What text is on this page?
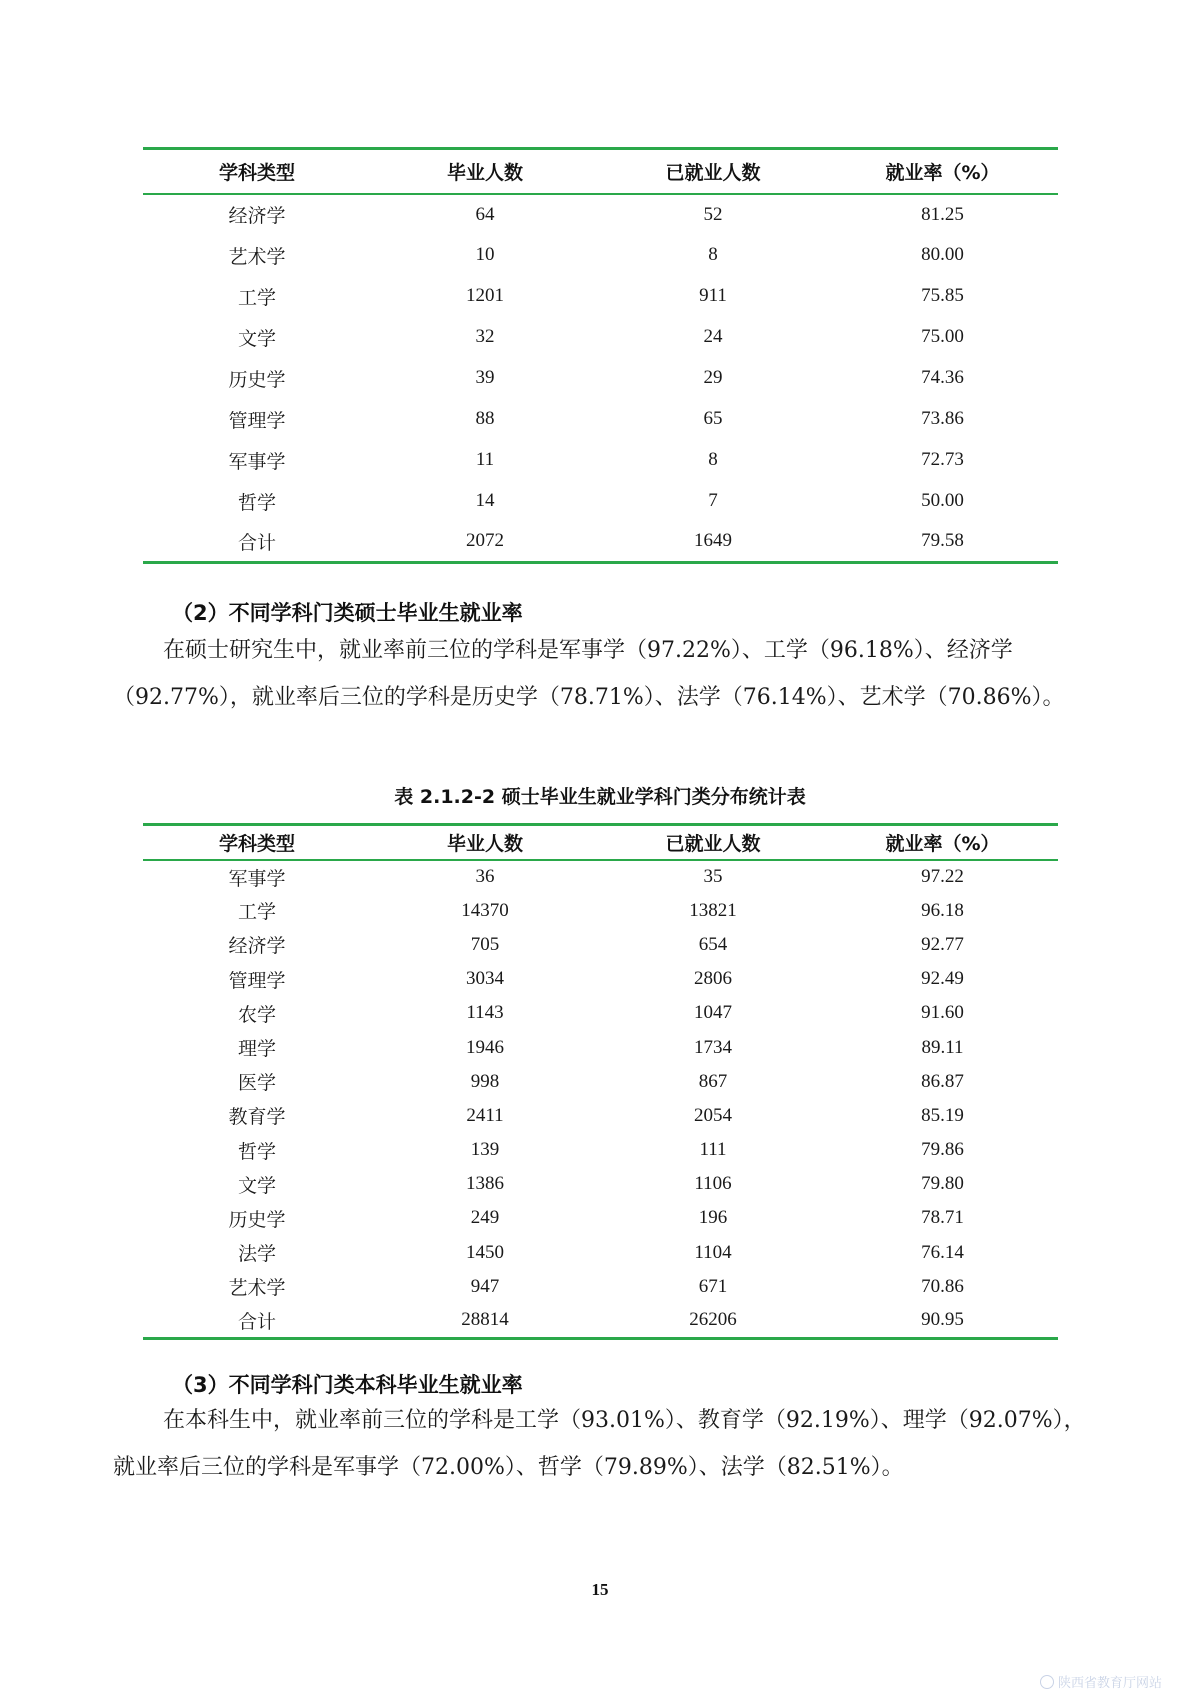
学科类型	毕业人数	已就业人数	就业率（%）
经济学	64	52	81.25
艺术学	10	8	80.00
工学	1201	911	75.85
文学	32	24	75.00
历史学	39	29	74.36
管理学	88	65	73.86
军事学	11	8	72.73
哲学	14	7	50.00
合计	2072	1649	79.58
（2）不同学科门类硕士毕业生就业率
在硕士研究生中，就业率前三位的学科是军事学（97.22%）、工学（96.18%）、经济学
（92.77%），就业率后三位的学科是历史学（78.71%）、法学（76.14%）、艺术学（70.86%）。
表 2.1.2-2 硕士毕业生就业学科门类分布统计表
学科类型	毕业人数	已就业人数	就业率（%）
军事学	36	35	97.22
工学	14370	13821	96.18
经济学	705	654	92.77
管理学	3034	2806	92.49
农学	1143	1047	91.60
理学	1946	1734	89.11
医学	998	867	86.87
教育学	2411	2054	85.19
哲学	139	111	79.86
文学	1386	1106	79.80
历史学	249	196	78.71
法学	1450	1104	76.14
艺术学	947	671	70.86
合计	28814	26206	90.95
（3）不同学科门类本科毕业生就业率
在本科生中，就业率前三位的学科是工学（93.01%）、教育学（92.19%）、理学（92.07%），
就业率后三位的学科是军事学（72.00%）、哲学（79.89%）、法学（82.51%）。
15
陕西省教育厅网站
